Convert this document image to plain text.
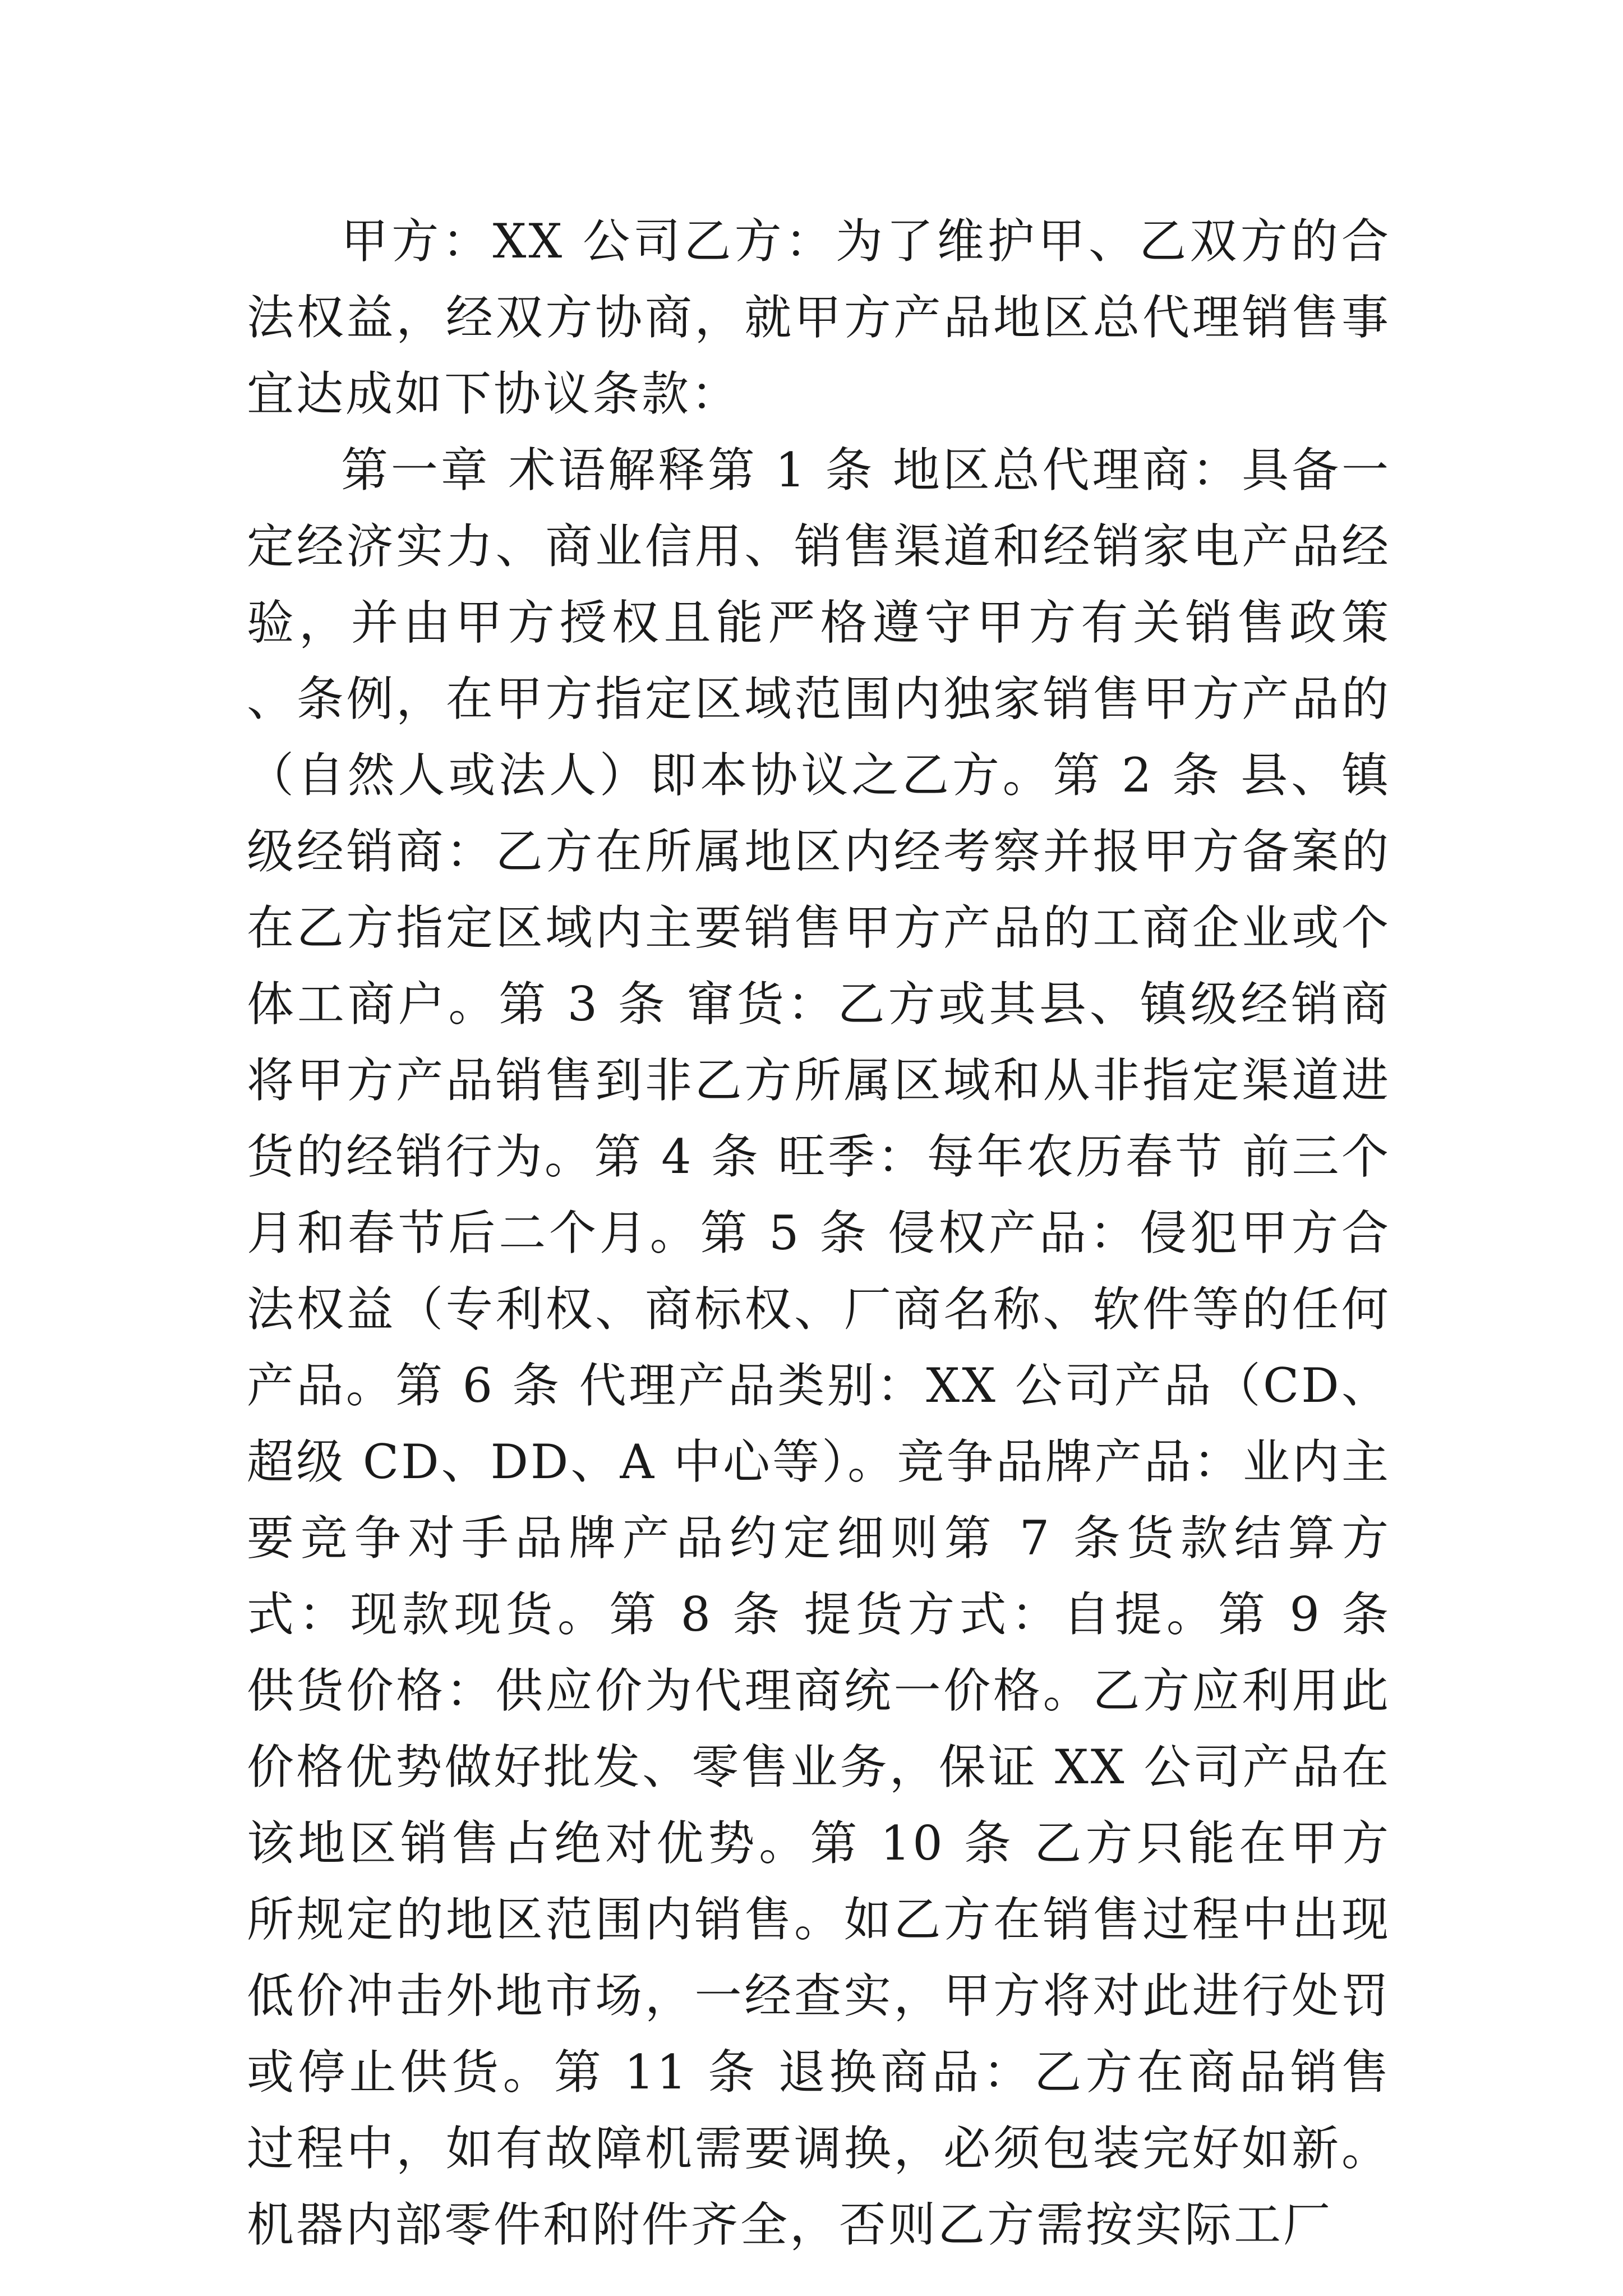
甲方：XX 公司乙方：为了维护甲、乙双方的合法权益，经双方协商，就甲方产品地区总代理销售事宜达成如下协议条款：

第一章 术语解释第 1 条 地区总代理商：具备一定经济实力、商业信用、销售渠道和经销家电产品经验，并由甲方授权且能严格遵守甲方有关销售政策 、条例，在甲方指定区域范围内独家销售甲方产品的（自然人或法人）即本协议之乙方。第 2 条 县、镇级经销商：乙方在所属地区内经考察并报甲方备案的在乙方指定区域内主要销售甲方产品的工商企业或个体工商户。第 3 条 窜货：乙方或其县、镇级经销商将甲方产品销售到非乙方所属区域和从非指定渠道进货的经销行为。第 4 条 旺季：每年农历春节 前三个月和春节后二个月。第 5 条 侵权产品：侵犯甲方合法权益（专利权、商标权、厂商名称、软件等的任何产品。第 6 条 代理产品类别：XX 公司产品（CD、超级 CD、DD、A 中心等）。竞争品牌产品：业内主要竞争对手品牌产品约定细则第 7 条货款结算方式：现款现货。第 8 条 提货方式：自提。第 9 条 供货价格：供应价为代理商统一价格。乙方应利用此价格优势做好批发、零售业务，保证 XX 公司产品在该地区销售占绝对优势。第 10 条 乙方只能在甲方所规定的地区范围内销售。如乙方在销售过程中出现低价冲击外地市场，一经查实，甲方将对此进行处罚或停止供货。第 11 条 退换商品：乙方在商品销售过程中，如有故障机需要调换，必须包装完好如新。机器内部零件和附件齐全，否则乙方需按实际工厂
